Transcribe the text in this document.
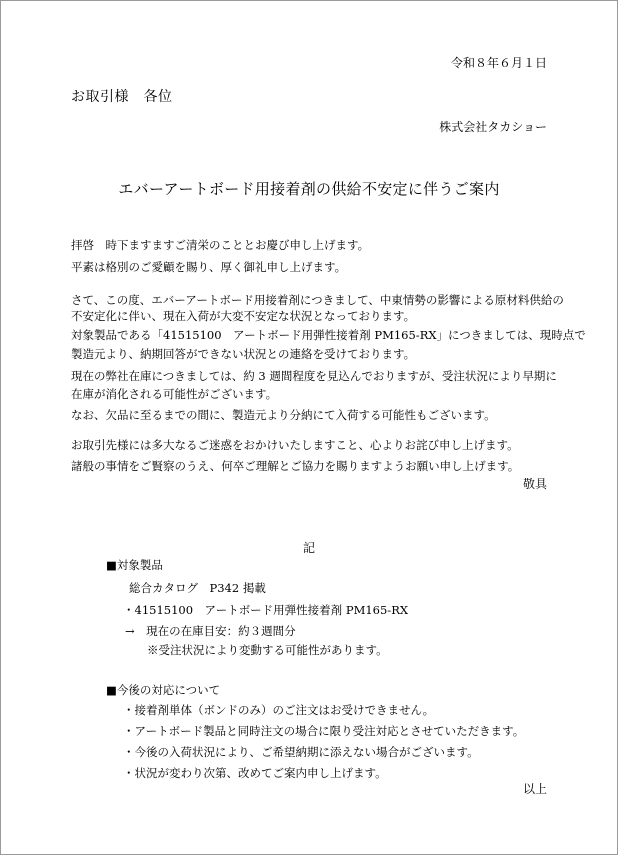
令和８年６月１日
お取引様　各位
株式会社タカショー
エバーアートボード用接着剤の供給不安定に伴うご案内
拝啓　時下ますますご清栄のこととお慶び申し上げます。
平素は格別のご愛顧を賜り、厚く御礼申し上げます。
さて、この度、エバーアートボード用接着剤につきまして、中東情勢の影響による原材料供給の
不安定化に伴い、現在入荷が大変不安定な状況となっております。
対象製品である「41515100　アートボード用弾性接着剤 PM165-RX」につきましては、現時点で
製造元より、納期回答ができない状況との連絡を受けております。
現在の弊社在庫につきましては、約 3 週間程度を見込んでおりますが、受注状況により早期に
在庫が消化される可能性がございます。
なお、欠品に至るまでの間に、製造元より分納にて入荷する可能性もございます。
お取引先様には多大なるご迷惑をおかけいたしますこと、心よりお詫び申し上げます。
諸般の事情をご賢察のうえ、何卒ご理解とご協力を賜りますようお願い申し上げます。
敬具
記
■対象製品
総合カタログ　P342 掲載
・41515100　アートボード用弾性接着剤 PM165-RX
→　現在の在庫目安：約３週間分
※受注状況により変動する可能性があります。
■今後の対応について
・接着剤単体（ボンドのみ）のご注文はお受けできません。
・アートボード製品と同時注文の場合に限り受注対応とさせていただきます。
・今後の入荷状況により、ご希望納期に添えない場合がございます。
・状況が変わり次第、改めてご案内申し上げます。
以上
